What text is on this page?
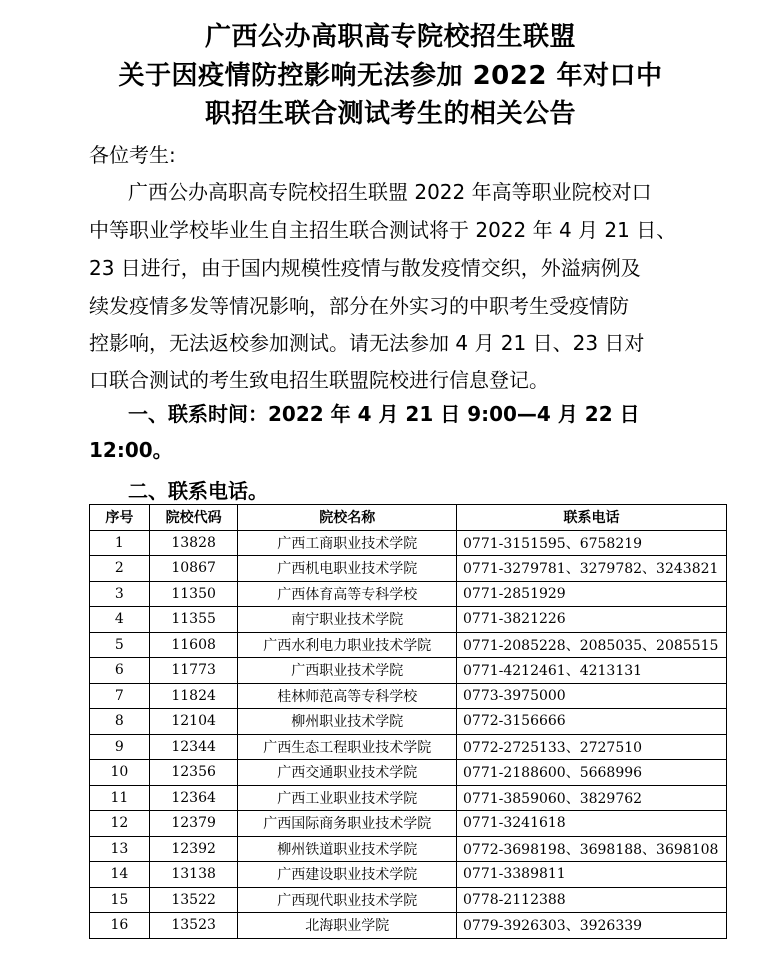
广西公办高职高专院校招生联盟
关于因疫情防控影响无法参加 2022 年对口中
职招生联合测试考生的相关公告
各位考生:
广西公办高职高专院校招生联盟 2022 年高等职业院校对口
中等职业学校毕业生自主招生联合测试将于 2022 年 4 月 21 日、
23 日进行，由于国内规模性疫情与散发疫情交织，外溢病例及
续发疫情多发等情况影响，部分在外实习的中职考生受疫情防
控影响，无法返校参加测试。请无法参加 4 月 21 日、23 日对
口联合测试的考生致电招生联盟院校进行信息登记。
一、联系时间：2022 年 4 月 21 日 9:00—4 月 22 日
12:00。
二、联系电话。
序号	院校代码	院校名称	联系电话
1	13828	广西工商职业技术学院	0771-3151595、6758219
2	10867	广西机电职业技术学院	0771-3279781、3279782、3243821
3	11350	广西体育高等专科学校	0771-2851929
4	11355	南宁职业技术学院	0771-3821226
5	11608	广西水利电力职业技术学院	0771-2085228、2085035、2085515
6	11773	广西职业技术学院	0771-4212461、4213131
7	11824	桂林师范高等专科学校	0773-3975000
8	12104	柳州职业技术学院	0772-3156666
9	12344	广西生态工程职业技术学院	0772-2725133、2727510
10	12356	广西交通职业技术学院	0771-2188600、5668996
11	12364	广西工业职业技术学院	0771-3859060、3829762
12	12379	广西国际商务职业技术学院	0771-3241618
13	12392	柳州铁道职业技术学院	0772-3698198、3698188、3698108
14	13138	广西建设职业技术学院	0771-3389811
15	13522	广西现代职业技术学院	0778-2112388
16	13523	北海职业学院	0779-3926303、3926339
